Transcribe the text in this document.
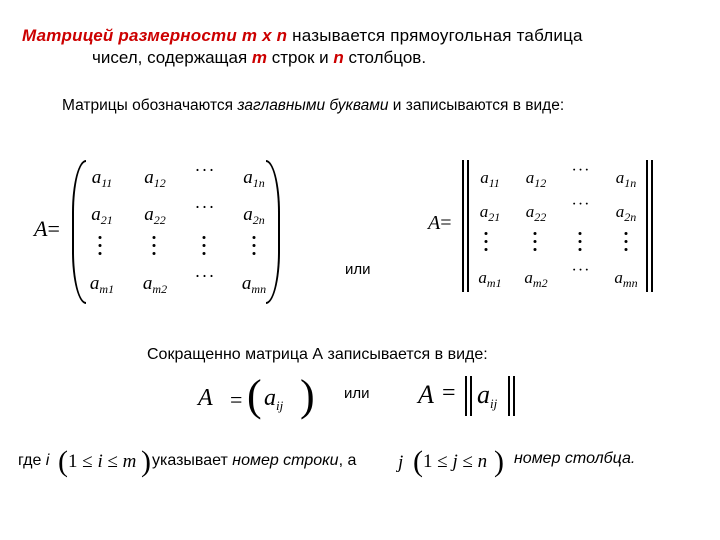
Матрицей размерности m x n называется прямоугольная таблица
чисел, содержащая m строк и n столбцов.
Матрицы обозначаются заглавными буквами и записываются в виде:
A=
$a_{11}$ $a_{12}$
··· $a_{1n}$
$a_{21}$ $a_{22}$
··· $a_{2n}$
$a_{m1}$ $a_{m2}$
··· $a_{mn}$
или
A=
$a_{11}$ $a_{12}$
··· $a_{1n}$
$a_{21}$ $a_{22}$
··· $a_{2n}$
$a_{m1}$ $a_{m2}$
··· $a_{mn}$
Сокращенно матрица А записывается в виде:
A = ( $a_{ij}$ ) или $A = a_{ij}$
где i ( 1 ≤ i ≤ m ) указывает номер строки, а j ( 1 ≤ j ≤ n ) номер столбца.
